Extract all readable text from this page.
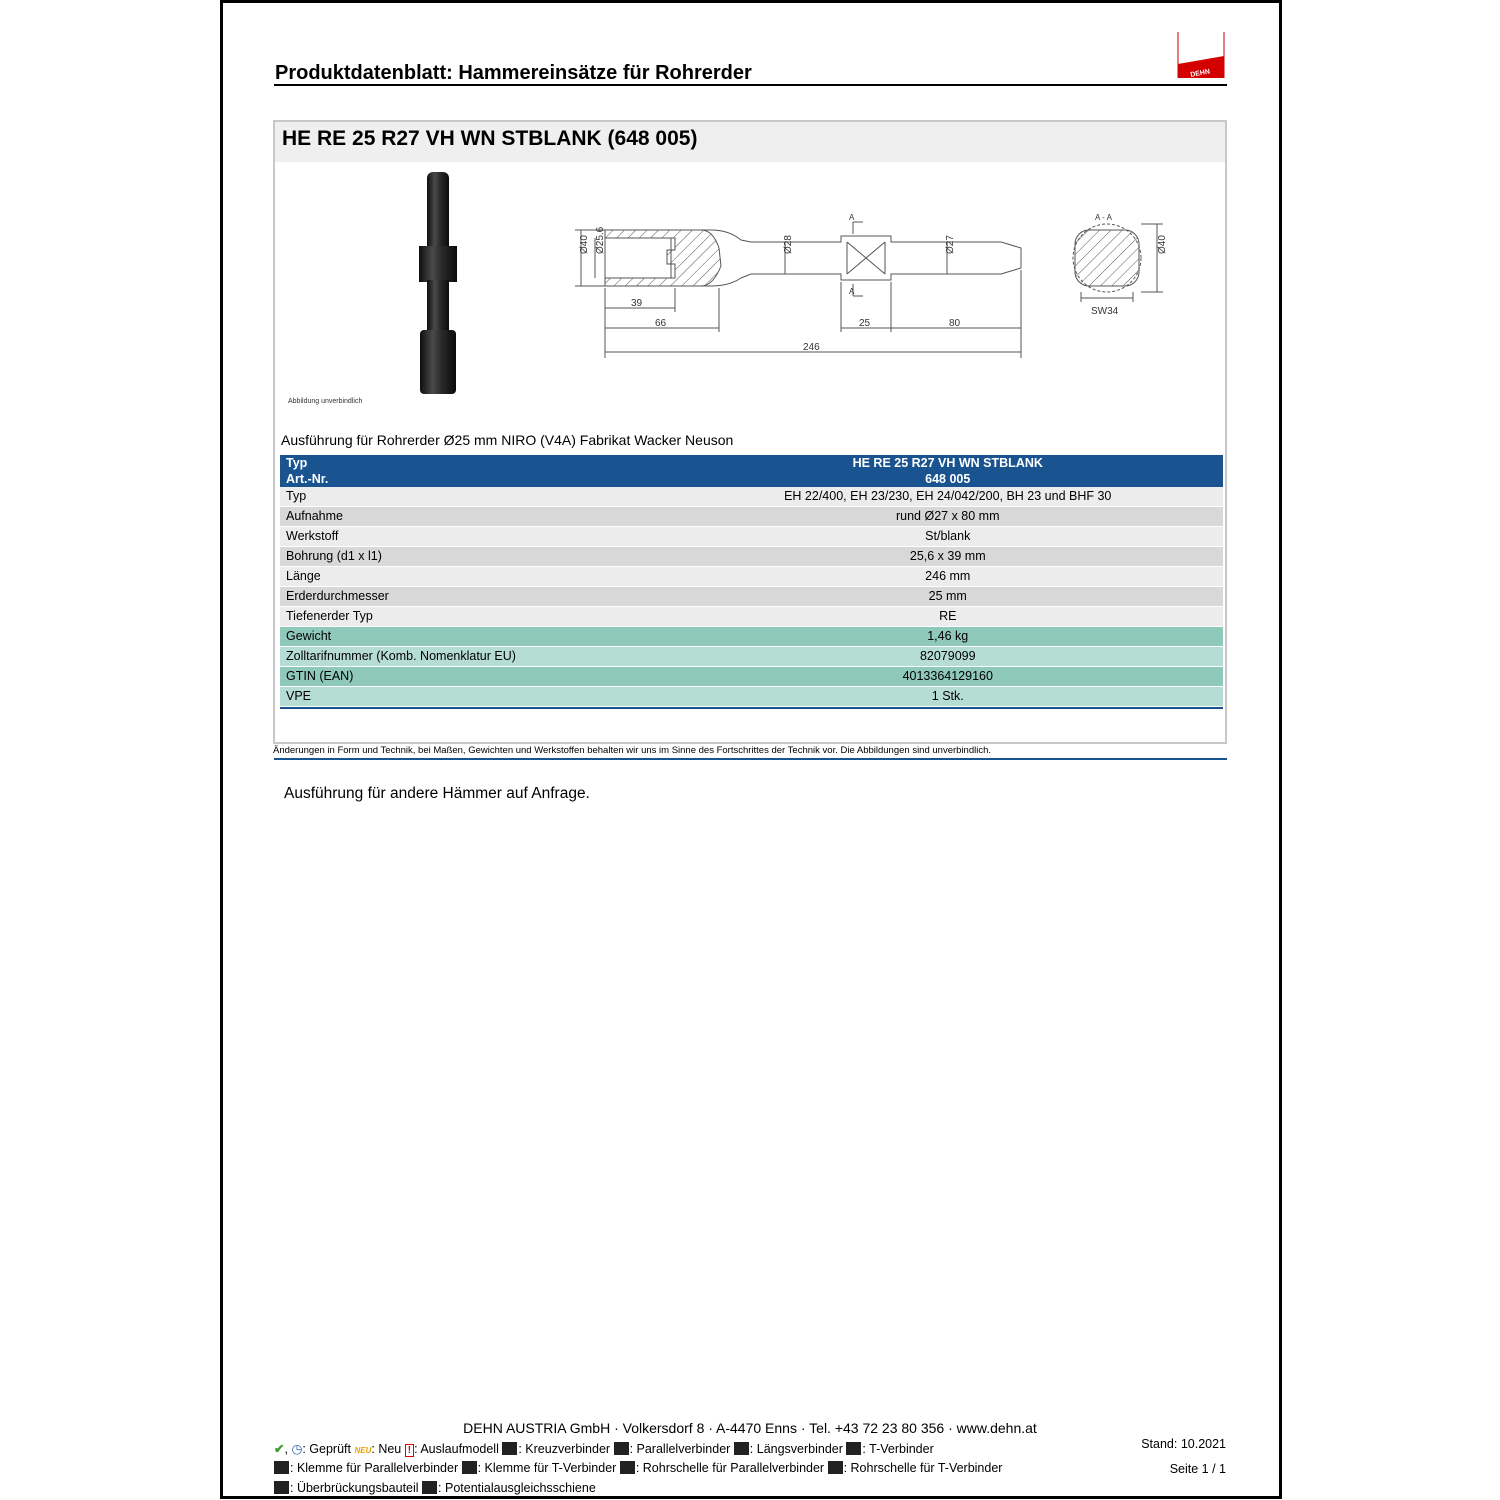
Produktdatenblatt: Hammereinsätze für Rohrerder	DEHN
HE RE 25 R27 VH WN STBLANK (648 005)
Abbildung unverbindlich
Ø40 Ø25.6	Ø28	Ø27	Ø40
39
66	25	80
246
SW34
A
A
A - A
Ausführung für Rohrerder Ø25 mm NIRO (V4A) Fabrikat Wacker Neuson
Typ	HE RE 25 R27 VH WN STBLANK
Art.-Nr.	648 005
Typ	EH 22/400, EH 23/230, EH 24/042/200, BH 23 und BHF 30
Aufnahme	rund Ø27 x 80 mm
Werkstoff	St/blank
Bohrung (d1 x l1)	25,6 x 39 mm
Länge	246 mm
Erderdurchmesser	25 mm
Tiefenerder Typ	RE
Gewicht	1,46 kg
Zolltarifnummer (Komb. Nomenklatur EU)	82079099
GTIN (EAN)	4013364129160
VPE	1 Stk.
Änderungen in Form und Technik, bei Maßen, Gewichten und Werkstoffen behalten wir uns im Sinne des Fortschrittes der Technik vor. Die Abbildungen sind unverbindlich.
Ausführung für andere Hämmer auf Anfrage.
DEHN AUSTRIA GmbH · Volkersdorf 8 · A-4470 Enns · Tel. +43 72 23 80 356 · www.dehn.at
✔, ◷: Geprüft NEU: Neu ! : Auslaufmodell : Kreuzverbinder : Parallelverbinder : Längsverbinder : T-Verbinder
: Klemme für Parallelverbinder : Klemme für T-Verbinder : Rohrschelle für Parallelverbinder : Rohrschelle für T-Verbinder
: Überbrückungsbauteil : Potentialausgleichsschiene
Stand: 10.2021
Seite 1 / 1
